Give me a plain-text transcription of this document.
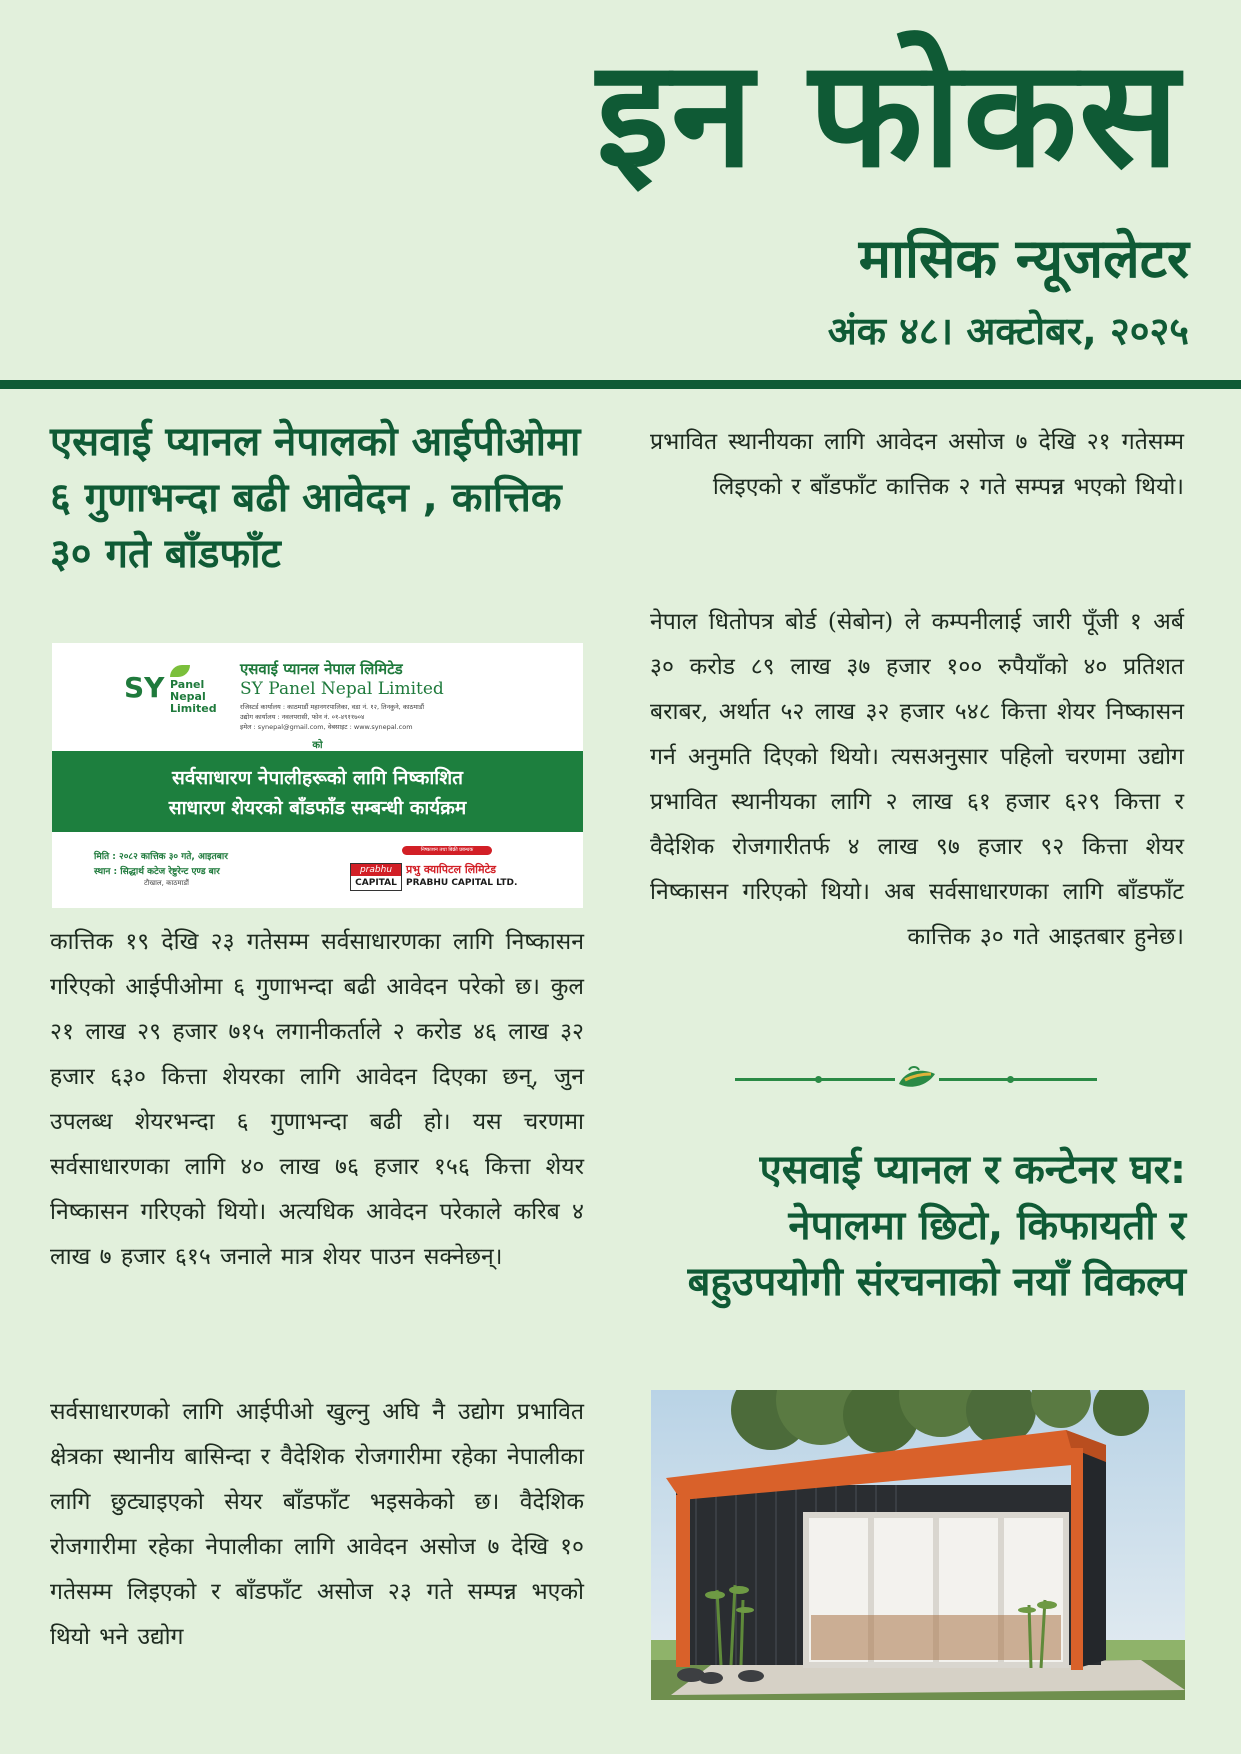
इन फोकस
मासिक न्यूजलेटर
अंक ४८। अक्टोबर, २०२५
एसवाई प्यानल नेपालको आईपीओमा ६ गुणाभन्दा बढी आवेदन , कात्तिक ३० गते बाँडफाँट
SY Panel Nepal Limited
एसवाई प्यानल नेपाल लिमिटेड
SY Panel Nepal Limited
रजिस्टर्ड कार्यालय : काठमाडौं महानगरपालिका, वडा नं. १२, तिनकुने, काठमाडौं
उद्योग कार्यालय : नवलपरासी, फोन नं. ०१-४९११७०४
इमेल : synepal@gmail.com, वेबसाइट : www.synepal.com
को
सर्वसाधारण नेपालीहरूको लागि निष्काशित
साधारण शेयरको बाँडफाँड सम्बन्धी कार्यक्रम
मिति : २०८२ कात्तिक ३० गते, आइतबार
स्थान : सिद्धार्थ कटेज रेष्टुरेन्ट एण्ड बार
टौखाल, काठमाडौं
निष्काशन तथा बिक्री प्रबन्धक
prabhu
CAPITAL
प्रभु क्यापिटल लिमिटेड
PRABHU CAPITAL LTD.

कात्तिक १९ देखि २३ गतेसम्म सर्वसाधारणका लागि निष्कासन गरिएको आईपीओमा ६ गुणाभन्दा बढी आवेदन परेको छ। कुल २१ लाख २९ हजार ७१५ लगानीकर्ताले २ करोड ४६ लाख ३२ हजार ६३० कित्ता शेयरका लागि आवेदन दिएका छन्, जुन उपलब्ध शेयरभन्दा ६ गुणाभन्दा बढी हो। यस चरणमा सर्वसाधारणका लागि ४० लाख ७६ हजार १५६ कित्ता शेयर निष्कासन गरिएको थियो। अत्यधिक आवेदन परेकाले करिब ४ लाख ७ हजार ६१५ जनाले मात्र शेयर पाउन सक्नेछन्।

सर्वसाधारणको लागि आईपीओ खुल्नु अघि नै उद्योग प्रभावित क्षेत्रका स्थानीय बासिन्दा र वैदेशिक रोजगारीमा रहेका नेपालीका लागि छुट्याइएको सेयर बाँडफाँट भइसकेको छ। वैदेशिक रोजगारीमा रहेका नेपालीका लागि आवेदन असोज ७ देखि १० गतेसम्म लिइएको र बाँडफाँट असोज २३ गते सम्पन्न भएको थियो भने उद्योग

प्रभावित स्थानीयका लागि आवेदन असोज ७ देखि २१ गतेसम्म लिइएको र बाँडफाँट कात्तिक २ गते सम्पन्न भएको थियो।

नेपाल धितोपत्र बोर्ड (सेबोन) ले कम्पनीलाई जारी पूँजी १ अर्ब ३० करोड ८९ लाख ३७ हजार १०० रुपैयाँको ४० प्रतिशत बराबर, अर्थात ५२ लाख ३२ हजार ५४८ कित्ता शेयर निष्कासन गर्न अनुमति दिएको थियो। त्यसअनुसार पहिलो चरणमा उद्योग प्रभावित स्थानीयका लागि २ लाख ६१ हजार ६२९ कित्ता र वैदेशिक रोजगारीतर्फ ४ लाख ९७ हजार ९२ कित्ता शेयर निष्कासन गरिएको थियो। अब सर्वसाधारणका लागि बाँडफाँट कात्तिक ३० गते आइतबार हुनेछ।

एसवाई प्यानल र कन्टेनर घर: नेपालमा छिटो, किफायती र बहुउपयोगी संरचनाको नयाँ विकल्प
